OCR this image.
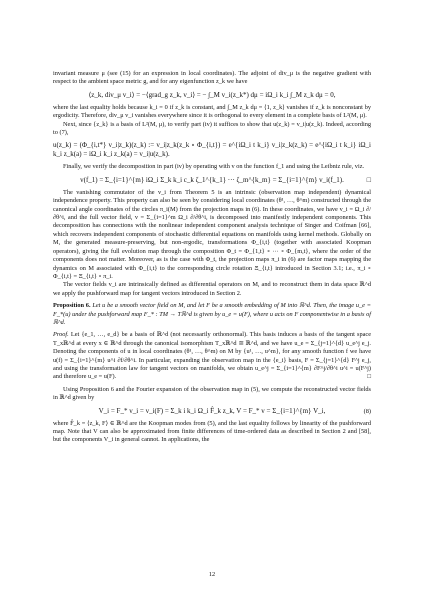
invariant measure μ (see (15) for an expression in local coordinates). The adjoint of div_μ is the negative gradient with respect to the ambient space metric g, and for any eigenfunction z_k we have

⟨z_k, div_μ v_i⟩ = −⟨grad_g z_k, v_i⟩ = − ∫_M v_i(z_k*) dμ = iΩ_i k_i ∫_M z_k dμ = 0,

where the last equality holds because k_i = 0 if z_k is constant, and ∫_M z_k dμ = ⟨1, z_k⟩ vanishes if z_k is nonconstant by ergodicity. Therefore, div_μ v_i vanishes everywhere since it is orthogonal to every element in a complete basis of L²(M, μ).

Next, since {z_k} is a basis of L²(M, μ), to verify part (iv) it suffices to show that u(z_k) = v_i|u(z_k). Indeed, according to (7),

u(z_k) = (Φ_{i,t*} v_i|z_k)(z_k) := v_i|z_k(z_k ∘ Φ_{i,t}) = e^{iΩ_i t k_i} v_i|z_k(z_k) = e^{iΩ_i t k_i} iΩ_i k_i z_k(a) = iΩ_i k_i z_k(a) = v_i|u(z_k).

Finally, we verify the decomposition in part (iv) by operating with v on the function f_1 and using the Leibniz rule, viz.

v(f_1) = Σ_{i=1}^{m} iΩ_i Σ_k k_i c_k ζ_1^{k_1} ··· ζ_m^{k_m} = Σ_{i=1}^{m} v_i(f_1).	□

The vanishing commutator of the v_i from Theorem 5 is an intrinsic (observation map independent) dynamical independence property. This property can also be seen by considering local coordinates (θ¹, …, θ^m) constructed through the canonical angle coordinates of the circles π_i(M) from the projection maps in (6). In these coordinates, we have v_i = Ω_i ∂/∂θ^i, and the full vector field, v = Σ_{i=1}^m Ω_i ∂/∂θ^i, is decomposed into manifestly independent components. This decomposition has connections with the nonlinear independent component analysis technique of Singer and Coifman [66], which recovers independent components of stochastic differential equations on manifolds using kernel methods. Globally on M, the generated measure-preserving, but non-ergodic, transformations Φ_{i,t} (together with associated Koopman operators), giving the full evolution map through the composition Φ_t = Φ_{1,t} ∘ ··· ∘ Φ_{m,t}, where the order of the components does not matter. Moreover, as is the case with Φ_t, the projection maps π_i in (6) are factor maps mapping the dynamics on M associated with Φ_{i,t} to the corresponding circle rotation Ξ_{i,t} introduced in Section 3.1; i.e., π_i ∘ Φ_{i,t} = Ξ_{i,t} ∘ π_i.

The vector fields v_i are intrinsically defined as differential operators on M, and to reconstruct them in data space ℝ^d we apply the pushforward map for tangent vectors introduced in Section 2.

Proposition 6. Let u be a smooth vector field on M, and let F be a smooth embedding of M into ℝ^d. Then, the image u_e = F_*(u) under the pushforward map F_* : TM → Tℝ^d is given by u_e = u(F), where u acts on F componentwise in a basis of ℝ^d.

Proof. Let {e_1, …, e_d} be a basis of ℝ^d (not necessarily orthonormal). This basis induces a basis of the tangent space T_xℝ^d at every x ∈ ℝ^d through the canonical isomorphism T_xℝ^d ≅ ℝ^d, and we have u_e = Σ_{j=1}^{d} u_e^j e_j. Denoting the components of u in local coordinates (θ¹, …, θ^m) on M by {u¹, …, u^m}, for any smooth function f we have u(f) = Σ_{i=1}^{m} u^i ∂f/∂θ^i. In particular, expanding the observation map in the {e_i} basis, F = Σ_{j=1}^{d} F^j e_j, and using the transformation law for tangent vectors on manifolds, we obtain u_e^j = Σ_{i=1}^{m} ∂F^j/∂θ^i u^i = u(F^j) and therefore u_e = u(F).	□

Using Proposition 6 and the Fourier expansion of the observation map in (5), we compute the reconstructed vector fields in ℝ^d given by

V_i = F_* v_i = v_i(F) = Σ_k i k_i Ω_i F̂_k z_k, V = F_* v = Σ_{i=1}^{m} V_i,	(8)

where F̂_k = ⟨z_k, F⟩ ∈ ℝ^d are the Koopman modes from (5), and the last equality follows by linearity of the pushforward map. Note that V can also be approximated from finite differences of time-ordered data as described in Section 2 and [58], but the components V_i in general cannot. In applications, the

12
